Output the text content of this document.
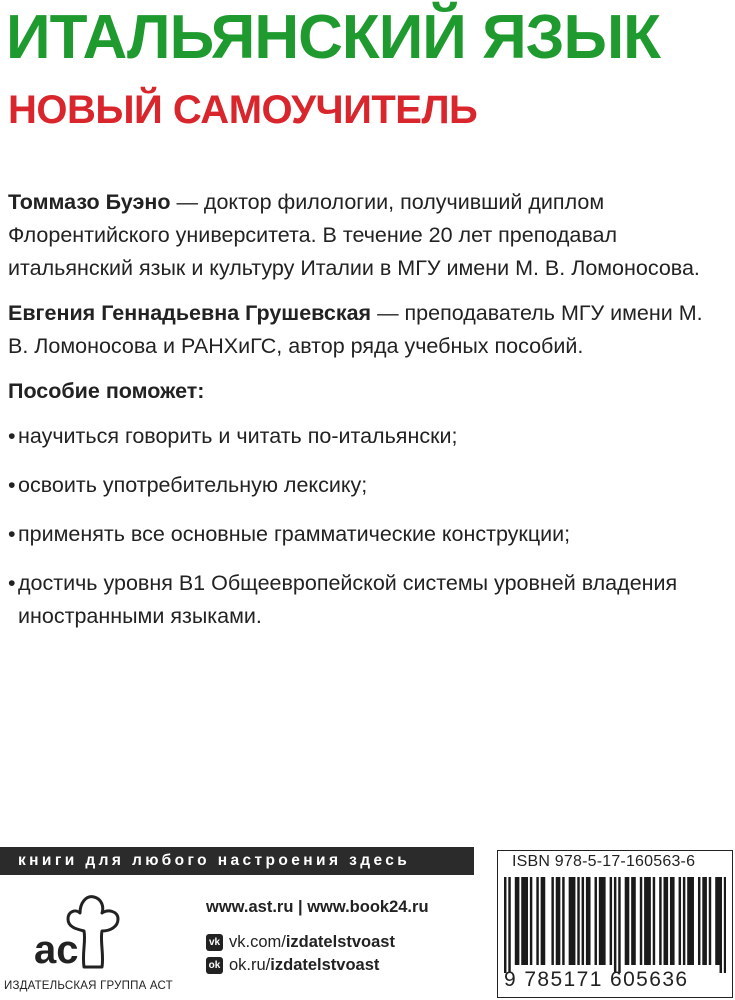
ИТАЛЬЯНСКИЙ ЯЗЫК
НОВЫЙ САМОУЧИТЕЛЬ

Томмазо Буэно — доктор филологии, получивший диплом Флорентийского университета. В течение 20 лет преподавал итальянский язык и культуру Италии в МГУ имени М. В. Ломоносова.

Евгения Геннадьевна Грушевская — преподаватель МГУ имени М. В. Ломоносова и РАНХиГС, автор ряда учебных пособий.

Пособие поможет:

• научиться говорить и читать по-итальянски;
• освоить употребительную лексику;
• применять все основные грамматические конструкции;
• достичь уровня B1 Общеевропейской системы уровней владения иностранными языками.
книги для любого настроения здесь
aс
ИЗДАТЕЛЬСКАЯ ГРУППА АСТ
www.ast.ru | www.book24.ru
vk vk.com/ izdatelstvoast
ok ok.ru/ izdatelstvoast
ISBN 978-5-17-160563-6
9 785171 605636
